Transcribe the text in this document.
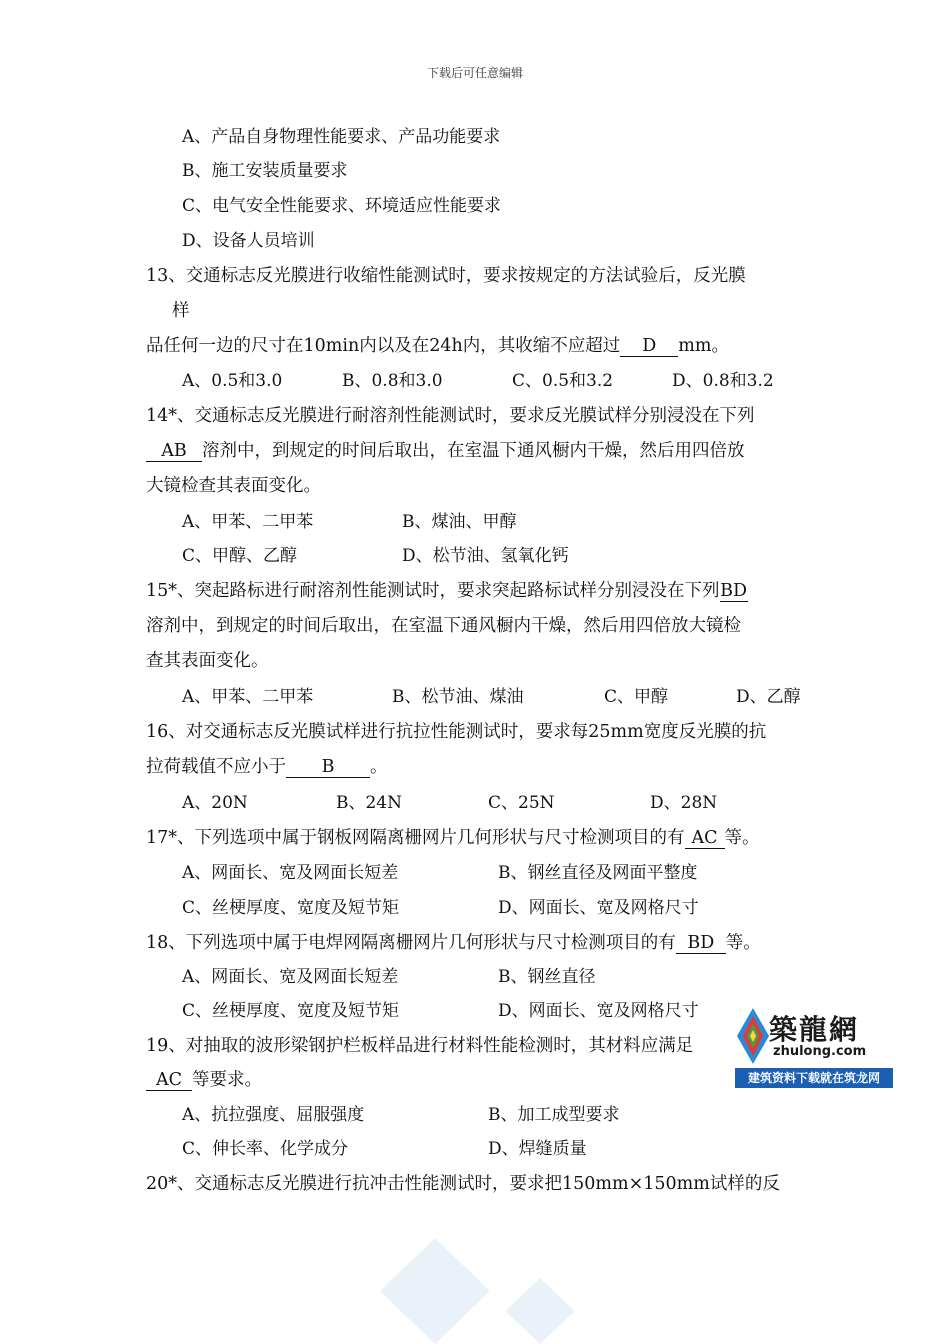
下载后可任意编辑
A、产品自身物理性能要求、产品功能要求
B、施工安装质量要求
C、电气安全性能要求、环境适应性能要求
D、设备人员培训
13、交通标志反光膜进行收缩性能测试时，要求按规定的方法试验后，反光膜
样
品任何一边的尺寸在10min内以及在24h内，其收缩不应超过 D mm。
A、0.5和3.0	B、0.8和3.0	C、0.5和3.2	D、0.8和3.2
14*、交通标志反光膜进行耐溶剂性能测试时，要求反光膜试样分别浸没在下列
AB 溶剂中，到规定的时间后取出，在室温下通风橱内干燥，然后用四倍放
大镜检查其表面变化。
A、甲苯、二甲苯	B、煤油、甲醇
C、甲醇、乙醇	D、松节油、氢氧化钙
15*、突起路标进行耐溶剂性能测试时，要求突起路标试样分别浸没在下列BD
溶剂中，到规定的时间后取出，在室温下通风橱内干燥，然后用四倍放大镜检
查其表面变化。
A、甲苯、二甲苯	B、松节油、煤油	C、甲醇	D、乙醇
16、对交通标志反光膜试样进行抗拉性能测试时，要求每25mm宽度反光膜的抗
拉荷载值不应小于 B 。
A、20N	B、24N	C、25N	D、28N
17*、下列选项中属于钢板网隔离栅网片几何形状与尺寸检测项目的有 AC 等。
A、网面长、宽及网面长短差	B、钢丝直径及网面平整度
C、丝梗厚度、宽度及短节矩	D、网面长、宽及网格尺寸
18、下列选项中属于电焊网隔离栅网片几何形状与尺寸检测项目的有 BD 等。
A、网面长、宽及网面长短差	B、钢丝直径
C、丝梗厚度、宽度及短节矩	D、网面长、宽及网格尺寸
19、对抽取的波形梁钢护栏板样品进行材料性能检测时，其材料应满足
AC 等要求。
A、抗拉强度、屈服强度	B、加工成型要求
C、伸长率、化学成分	D、焊缝质量
20*、交通标志反光膜进行抗冲击性能测试时，要求把150mm×150mm试样的反
築龍網
zhulong.com
建筑资料下载就在筑龙网
